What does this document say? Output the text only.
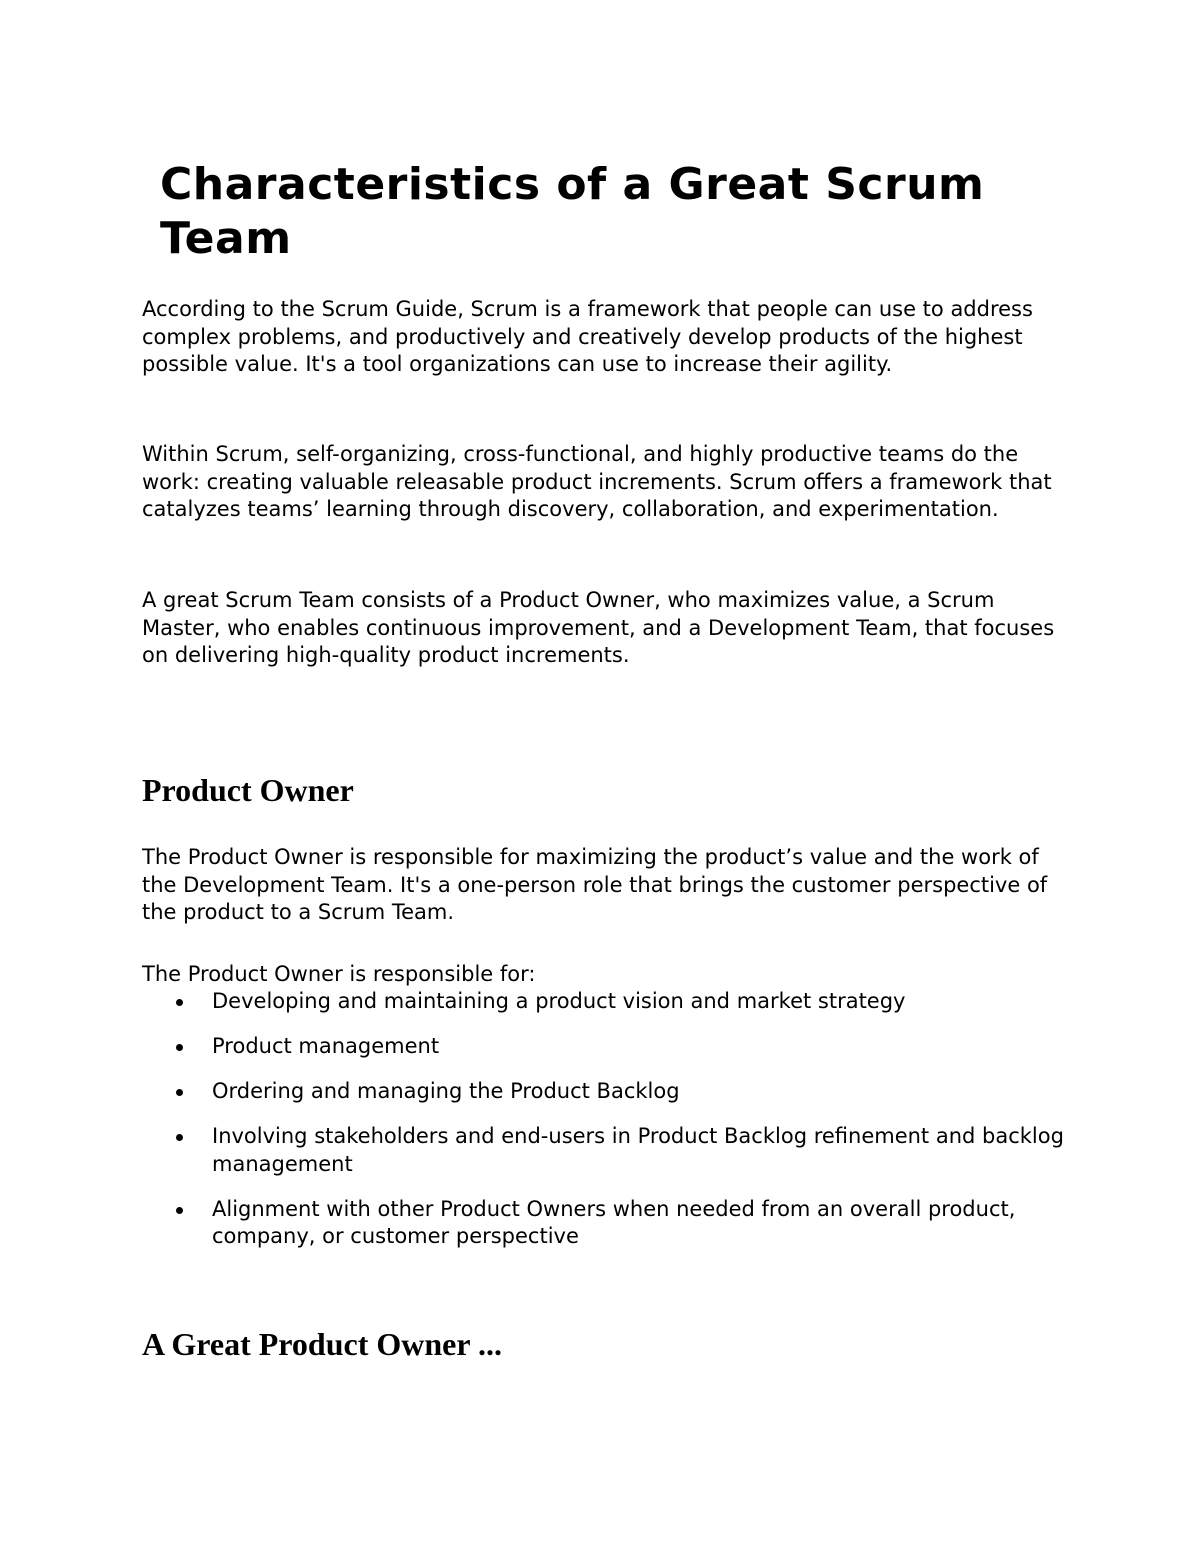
Characteristics of a Great Scrum Team

According to the Scrum Guide, Scrum is a framework that people can use to address complex problems, and productively and creatively develop products of the highest possible value. It's a tool organizations can use to increase their agility.

Within Scrum, self-organizing, cross-functional, and highly productive teams do the work: creating valuable releasable product increments. Scrum offers a framework that catalyzes teams’ learning through discovery, collaboration, and experimentation.

A great Scrum Team consists of a Product Owner, who maximizes value, a Scrum Master, who enables continuous improvement, and a Development Team, that focuses on delivering high-quality product increments.

Product Owner

The Product Owner is responsible for maximizing the product’s value and the work of the Development Team. It's a one-person role that brings the customer perspective of the product to a Scrum Team.

The Product Owner is responsible for:

Developing and maintaining a product vision and market strategy
Product management
Ordering and managing the Product Backlog
Involving stakeholders and end-users in Product Backlog refinement and backlog management
Alignment with other Product Owners when needed from an overall product, company, or customer perspective
A Great Product Owner ...
